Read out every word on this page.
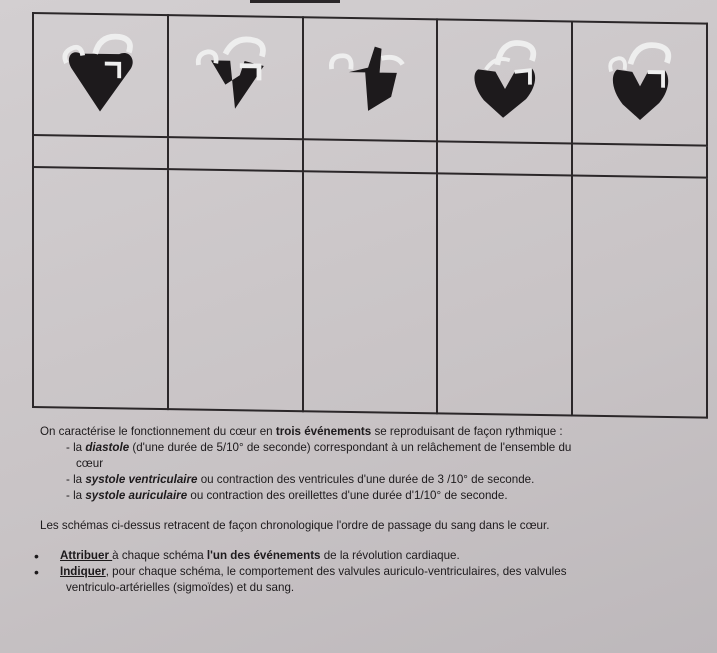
On caractérise le fonctionnement du cœur en trois événements se reproduisant de façon rythmique :

- la diastole (d'une durée de 5/10° de seconde) correspondant à un relâchement de l'ensemble du

cœur

- la systole ventriculaire ou contraction des ventricules d'une durée de 3 /10° de seconde.

- la systole auriculaire ou contraction des oreillettes d'une durée d'1/10° de seconde.

Les schémas ci-dessus retracent de façon chronologique l'ordre de passage du sang dans le cœur.

• Attribuer à chaque schéma l'un des événements de la révolution cardiaque.

• Indiquer, pour chaque schéma, le comportement des valvules auriculo-ventriculaires, des valvules

ventriculo-artérielles (sigmoïdes) et du sang.
